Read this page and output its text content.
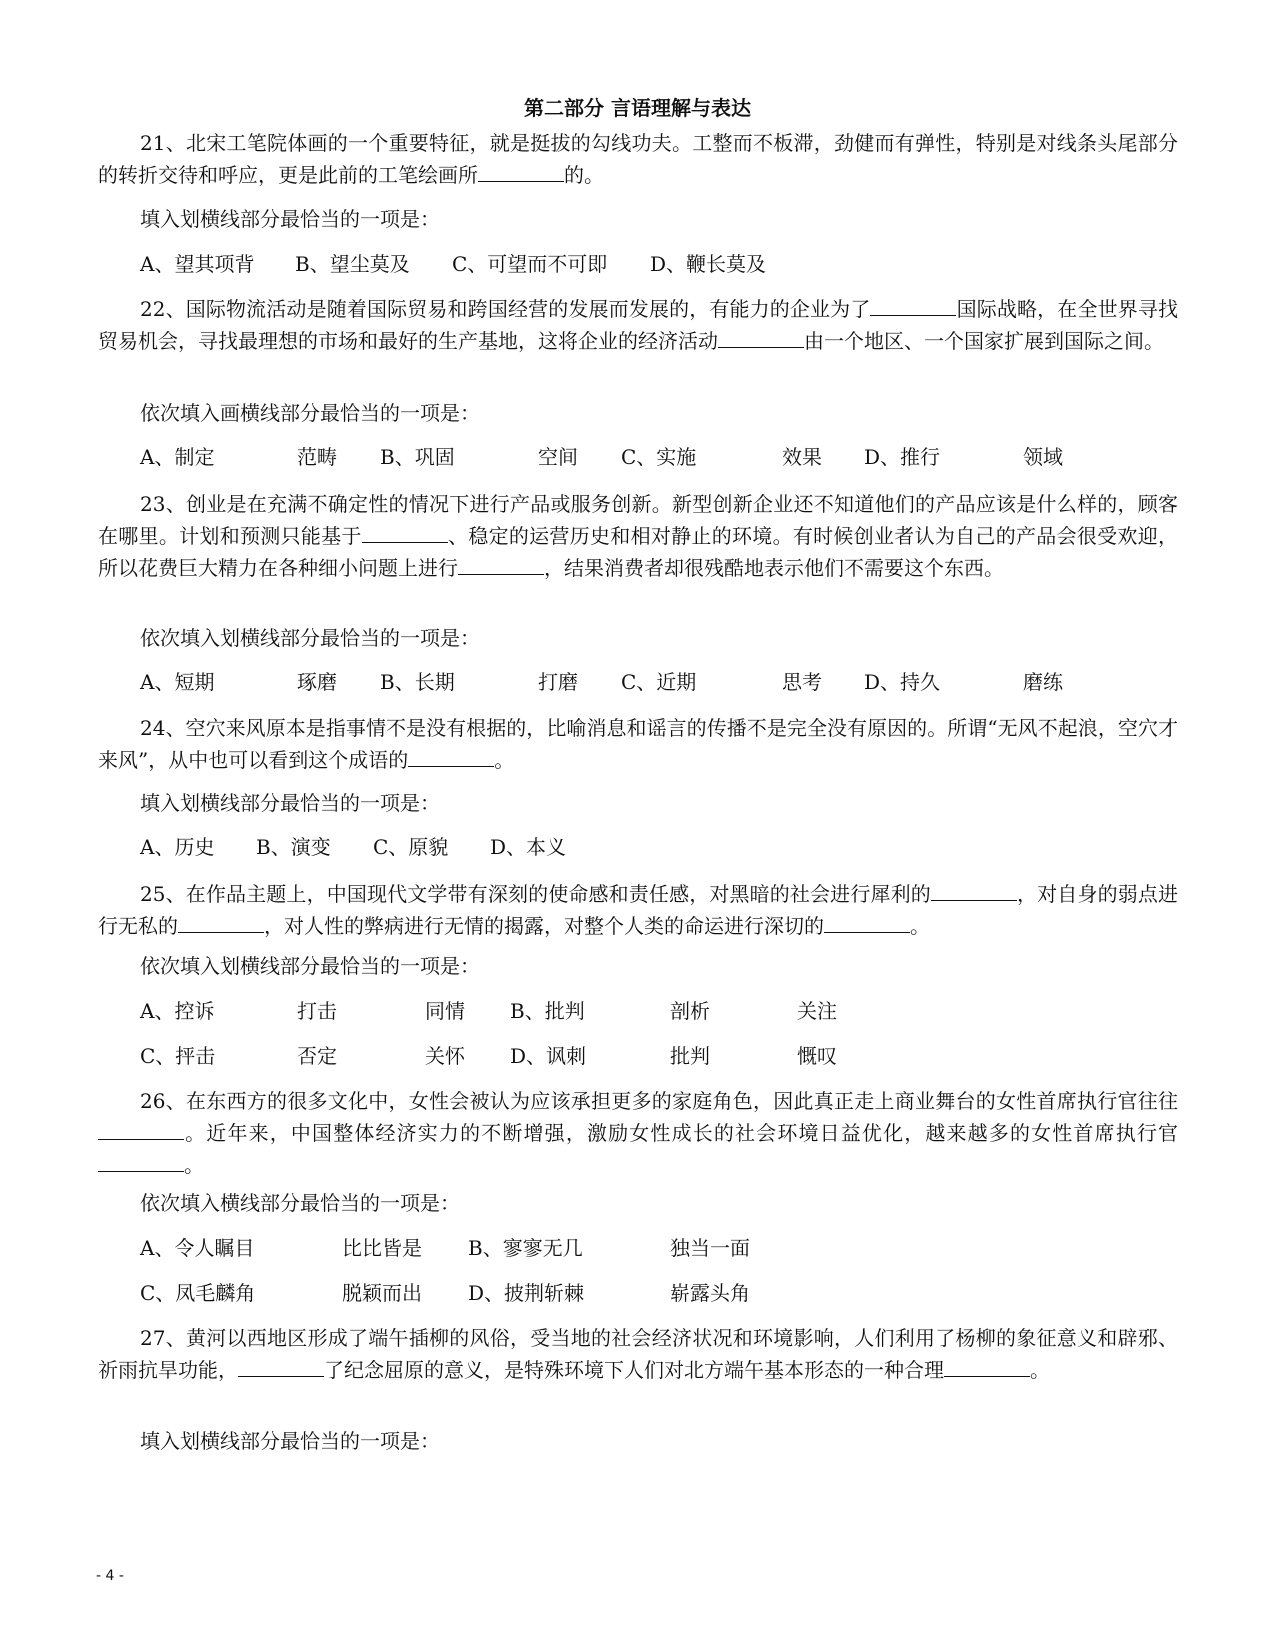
第二部分 言语理解与表达

21、北宋工笔院体画的一个重要特征，就是挺拔的勾线功夫。工整而不板滞，劲健而有弹性，特别是对线条头尾部分的转折交待和呼应，更是此前的工笔绘画所	的。

填入划横线部分最恰当的一项是：

A、望其项背 B、望尘莫及 C、可望而不可即 D、鞭长莫及

22、国际物流活动是随着国际贸易和跨国经营的发展而发展的，有能力的企业为了	国际战略，在全世界寻找贸易机会，寻找最理想的市场和最好的生产基地，这将企业的经济活动	由一个地区、一个国家扩展到国际之间。

依次填入画横线部分最恰当的一项是：

A、制定	范畴 B、巩固	空间 C、实施	效果 D、推行	领域

23、创业是在充满不确定性的情况下进行产品或服务创新。新型创新企业还不知道他们的产品应该是什么样的，顾客在哪里。计划和预测只能基于	、稳定的运营历史和相对静止的环境。有时候创业者认为自己的产品会很受欢迎，所以花费巨大精力在各种细小问题上进行	，结果消费者却很残酷地表示他们不需要这个东西。

依次填入划横线部分最恰当的一项是：

A、短期	琢磨 B、长期	打磨 C、近期	思考 D、持久	磨练

24、空穴来风原本是指事情不是没有根据的，比喻消息和谣言的传播不是完全没有原因的。所谓“无风不起浪，空穴才来风”，从中也可以看到这个成语的	。

填入划横线部分最恰当的一项是：

A、历史 B、演变 C、原貌 D、本义

25、在作品主题上，中国现代文学带有深刻的使命感和责任感，对黑暗的社会进行犀利的	，对自身的弱点进行无私的	，对人性的弊病进行无情的揭露，对整个人类的命运进行深切的	。

依次填入划横线部分最恰当的一项是：

A、控诉	打击	同情 B、批判	剖析	关注
C、抨击	否定	关怀 D、讽刺	批判	慨叹

26、在东西方的很多文化中，女性会被认为应该承担更多的家庭角色，因此真正走上商业舞台的女性首席执行官往往。近年来，中国整体经济实力的不断增强，激励女性成长的社会环境日益优化，越来越多的女性首席执行官。

依次填入横线部分最恰当的一项是：

A、令人瞩目	比比皆是 B、寥寥无几	独当一面
C、凤毛麟角	脱颖而出 D、披荆斩棘	崭露头角

27、黄河以西地区形成了端午插柳的风俗，受当地的社会经济状况和环境影响，人们利用了杨柳的象征意义和辟邪、祈雨抗旱功能，	了纪念屈原的意义，是特殊环境下人们对北方端午基本形态的一种合理	。

填入划横线部分最恰当的一项是：

- 4 -
